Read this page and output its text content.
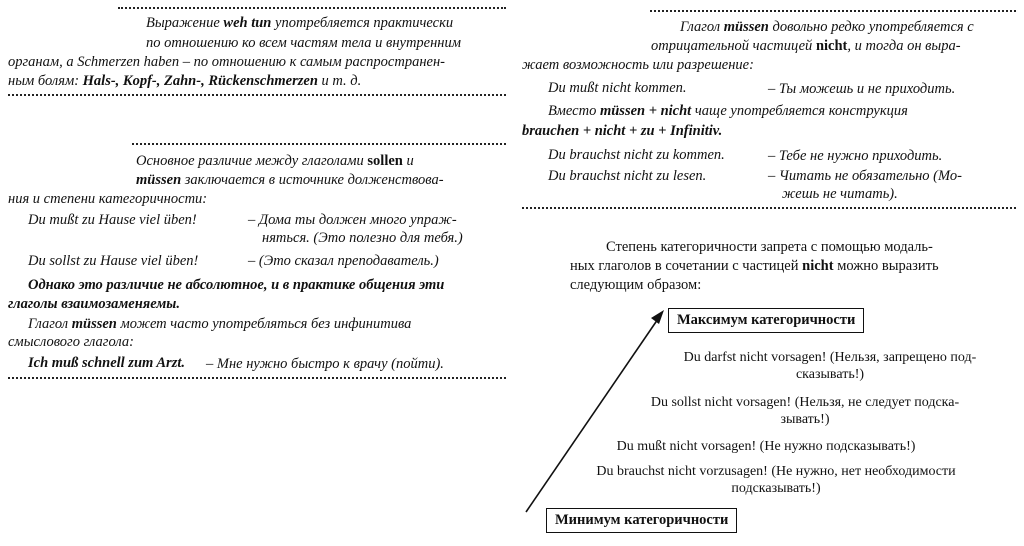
Выражение weh tun употребляется практически
по отношению ко всем частям тела и внутренним
органам, а Schmerzen haben – по отношению к самым распространен-
ным болям: Hals-, Kopf-, Zahn-, Rückenschmerzen и т. д.
Основное различие между глаголами sollen и
müssen заключается в источнике долженствова-
ния и степени категоричности:
Du mußt zu Hause viel üben!	– Дома ты должен много упраж-
няться. (Это полезно для тебя.)
Du sollst zu Hause viel üben!	– (Это сказал преподаватель.)
Однако это различие не абсолютное, и в практике общения эти
глаголы взаимозаменяемы.
Глагол müssen может часто употребляться без инфинитива
смыслового глагола:
Ich muß schnell zum Arzt. – Мне нужно быстро к врачу (пойти).
Глагол müssen довольно редко употребляется с
отрицательной частицей nicht, и тогда он выра-
жает возможность или разрешение:
Du mußt nicht kommen.	– Ты можешь и не приходить.
Вместо müssen + nicht чаще употребляется конструкция
brauchen + nicht + zu + Infinitiv.
Du brauchst nicht zu kommen.	– Тебе не нужно приходить.
Du brauchst nicht zu lesen.	– Читать не обязательно (Мо-
жешь не читать).
Степень категоричности запрета с помощью модаль-
ных глаголов в сочетании с частицей nicht можно выразить
следующим образом:
Максимум категоричности
Du darfst nicht vorsagen! (Нельзя, запрещено под-
сказывать!)
Du sollst nicht vorsagen! (Нельзя, не следует подска-
зывать!)
Du mußt nicht vorsagen! (Не нужно подсказывать!)
Du brauchst nicht vorzusagen! (Не нужно, нет необходимости
подсказывать!)
Минимум категоричности
